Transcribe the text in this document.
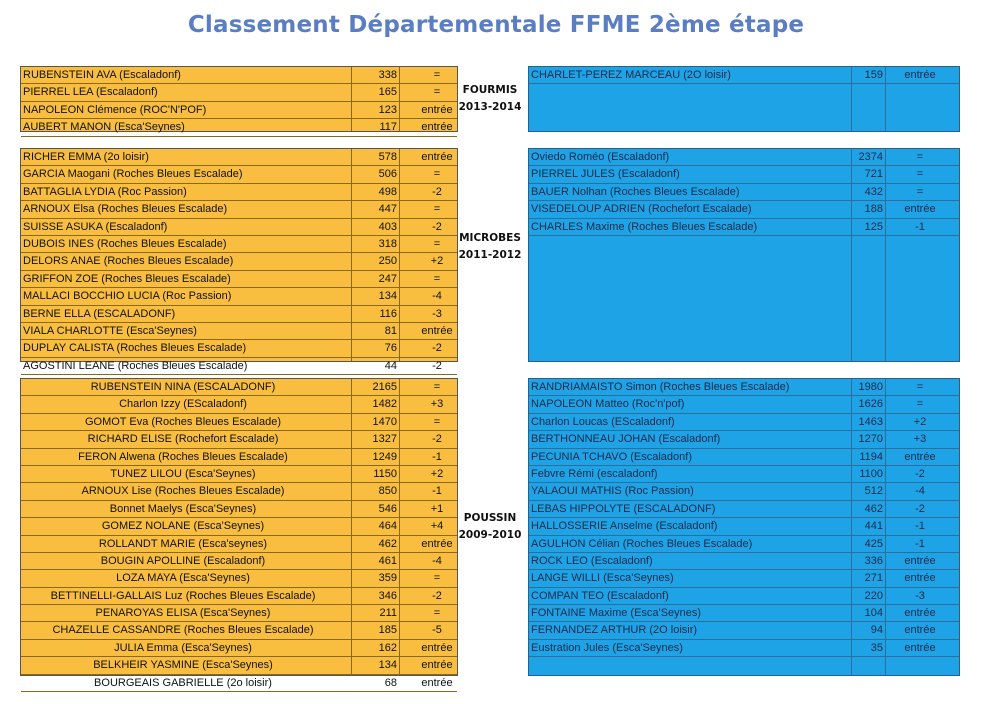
Classement Départementale FFME 2ème étape
RUBENSTEIN AVA (Escaladonf)	338	=
PIERREL LEA (Escaladonf)	165	=
NAPOLEON Clémence (ROC'N'POF)	123	entrée
AUBERT MANON (Esca'Seynes)	117	entrée
FOURMIS
2013-2014
CHARLET-PEREZ MARCEAU (2O loisir)	159	entrée
RICHER EMMA (2o loisir)	578	entrée
GARCIA Maogani (Roches Bleues Escalade)	506	=
BATTAGLIA LYDIA (Roc Passion)	498	-2
ARNOUX Elsa (Roches Bleues Escalade)	447	=
SUISSE ASUKA (Escaladonf)	403	-2
DUBOIS INES (Roches Bleues Escalade)	318	=
DELORS ANAE (Roches Bleues Escalade)	250	+2
GRIFFON ZOE (Roches Bleues Escalade)	247	=
MALLACI BOCCHIO LUCIA (Roc Passion)	134	-4
BERNE ELLA (ESCALADONF)	116	-3
VIALA CHARLOTTE (Esca'Seynes)	81	entrée
DUPLAY CALISTA (Roches Bleues Escalade)	76	-2
AGOSTINI LEANE (Roches Bleues Escalade)	44	-2
MICROBES
2011-2012
Oviedo Roméo (Escaladonf)	2374	=
PIERREL JULES (Escaladonf)	721	=
BAUER Nolhan (Roches Bleues Escalade)	432	=
VISEDELOUP ADRIEN (Rochefort Escalade)	188	entrée
CHARLES Maxime (Roches Bleues Escalade)	125	-1
RUBENSTEIN NINA (ESCALADONF)	2165	=
Charlon Izzy (EScaladonf)	1482	+3
GOMOT Eva (Roches Bleues Escalade)	1470	=
RICHARD ELISE (Rochefort Escalade)	1327	-2
FERON Alwena (Roches Bleues Escalade)	1249	-1
TUNEZ LILOU (Esca'Seynes)	1150	+2
ARNOUX Lise (Roches Bleues Escalade)	850	-1
Bonnet Maelys (Esca'Seynes)	546	+1
GOMEZ NOLANE (Esca'Seynes)	464	+4
ROLLANDT MARIE (Esca'seynes)	462	entrée
BOUGIN APOLLINE (Escaladonf)	461	-4
LOZA MAYA (Esca'Seynes)	359	=
BETTINELLI-GALLAIS Luz (Roches Bleues Escalade)	346	-2
PENAROYAS ELISA (Esca'Seynes)	211	=
CHAZELLE CASSANDRE (Roches Bleues Escalade)	185	-5
JULIA Emma (Esca'Seynes)	162	entrée
BELKHEIR YASMINE (Esca'Seynes)	134	entrée
BOURGEAIS GABRIELLE (2o loisir)	68	entrée
POUSSIN
2009-2010
RANDRIAMAISTO Simon (Roches Bleues Escalade)	1980	=
NAPOLEON Matteo (Roc'n'pof)	1626	=
Charlon Loucas (EScaladonf)	1463	+2
BERTHONNEAU JOHAN (Escaladonf)	1270	+3
PECUNIA TCHAVO (Escaladonf)	1194	entrée
Febvre Rémi (escaladonf)	1100	-2
YALAOUI MATHIS (Roc Passion)	512	-4
LEBAS HIPPOLYTE (ESCALADONF)	462	-2
HALLOSSERIE Anselme (Escaladonf)	441	-1
AGULHON Célian (Roches Bleues Escalade)	425	-1
ROCK LEO (Escaladonf)	336	entrée
LANGE WILLI (Esca'Seynes)	271	entrée
COMPAN TEO (Escaladonf)	220	-3
FONTAINE Maxime (Esca'Seynes)	104	entrée
FERNANDEZ ARTHUR (2O loisir)	94	entrée
Eustration Jules (Esca'Seynes)	35	entrée
